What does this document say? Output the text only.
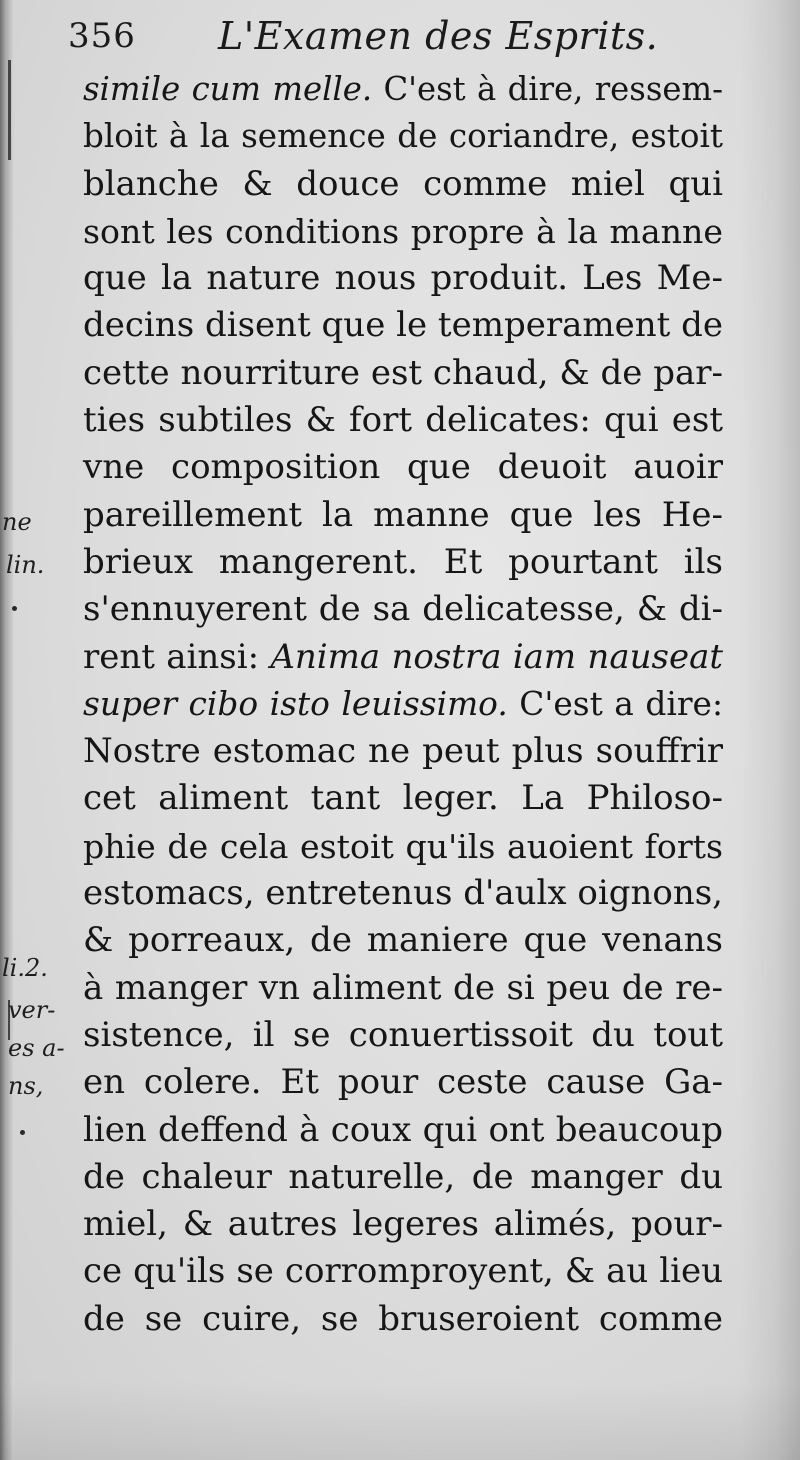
356 L'Examen des Esprits.
simile cum melle. C'est à dire, ressem-
bloit à la semence de coriandre, estoit
blanche & douce comme miel qui
sont les conditions propre à la manne
que la nature nous produit. Les Me-
decins disent que le temperament de
cette nourriture est chaud, & de par-
ties subtiles & fort delicates: qui est
vne composition que deuoit auoir
pareillement la manne que les He-
brieux mangerent. Et pourtant ils
s'ennuyerent de sa delicatesse, & di-
rent ainsi: Anima nostra iam nauseat
super cibo isto leuissimo. C'est a dire:
Nostre estomac ne peut plus souffrir
cet aliment tant leger. La Philoso-
phie de cela estoit qu'ils auoient forts
estomacs, entretenus d'aulx oignons,
& porreaux, de maniere que venans
à manger vn aliment de si peu de re-
sistence, il se conuertissoit du tout
en colere. Et pour ceste cause Ga-
lien deffend à coux qui ont beaucoup
de chaleur naturelle, de manger du
miel, & autres legeres alimés, pour-
ce qu'ils se corromproyent, & au lieu
de se cuire, se bruseroient comme
ne
lin.
li.2.
ver-
es a-
ns,
